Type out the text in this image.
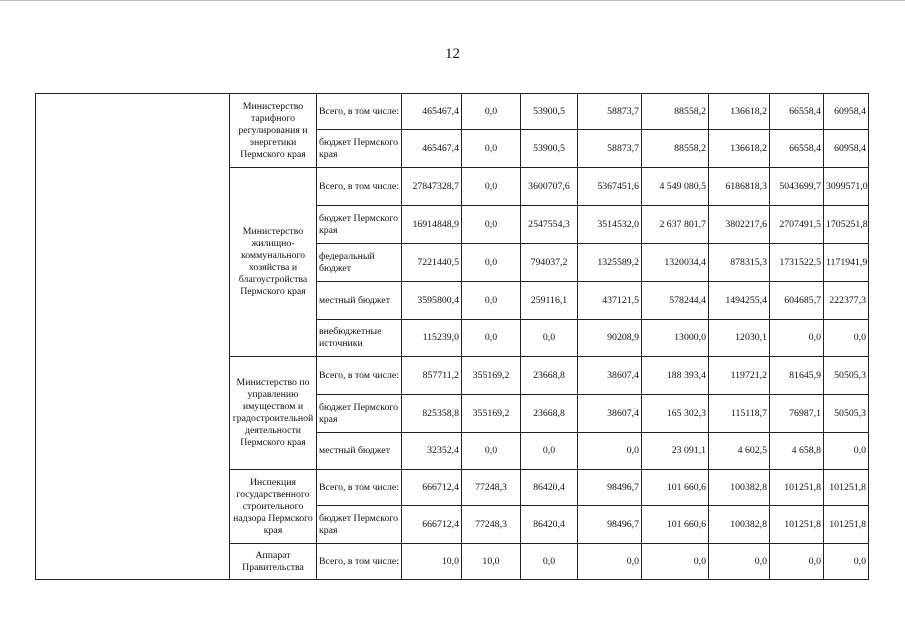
12
	Министерство тарифного регулирования и энергетики Пермского края	Всего, в том числе:	465467,4	0,0	53900,5	58873,7	88558,2	136618,2	66558,4	60958,4
		бюджет Пермского края	465467,4	0,0	53900,5	58873,7	88558,2	136618,2	66558,4	60958,4
	Министерство жилищно-коммунального хозяйства и благоустройства Пермского края	Всего, в том числе:	27847328,7	0,0	3600707,6	5367451,6	4 549 080,5	6186818,3	5043699,7	3099571,0
		бюджет Пермского края	16914848,9	0,0	2547554,3	3514532,0	2 637 801,7	3802217,6	2707491,5	1705251,8
		федеральный бюджет	7221440,5	0,0	794037,2	1325589,2	1320034,4	878315,3	1731522,5	1171941,9
		местный бюджет	3595800,4	0,0	259116,1	437121,5	578244,4	1494255,4	604685,7	222377,3
		внебюджетные источники	115239,0	0,0	0,0	90208,9	13000,0	12030,1	0,0	0,0
	Министерство по управлению имуществом и градостроительной деятельности Пермского края	Всего, в том числе:	857711,2	355169,2	23668,8	38607,4	188 393,4	119721,2	81645,9	50505,3
		бюджет Пермского края	825358,8	355169,2	23668,8	38607,4	165 302,3	115118,7	76987,1	50505,3
		местный бюджет	32352,4	0,0	0,0	0,0	23 091,1	4 602,5	4 658,8	0,0
	Инспекция государственного строительного надзора Пермского края	Всего, в том числе:	666712,4	77248,3	86420,4	98496,7	101 660,6	100382,8	101251,8	101251,8
		бюджет Пермского края	666712,4	77248,3	86420,4	98496,7	101 660,6	100382,8	101251,8	101251,8
	Аппарат Правительства	Всего, в том числе:	10,0	10,0	0,0	0,0	0,0	0,0	0,0	0,0
